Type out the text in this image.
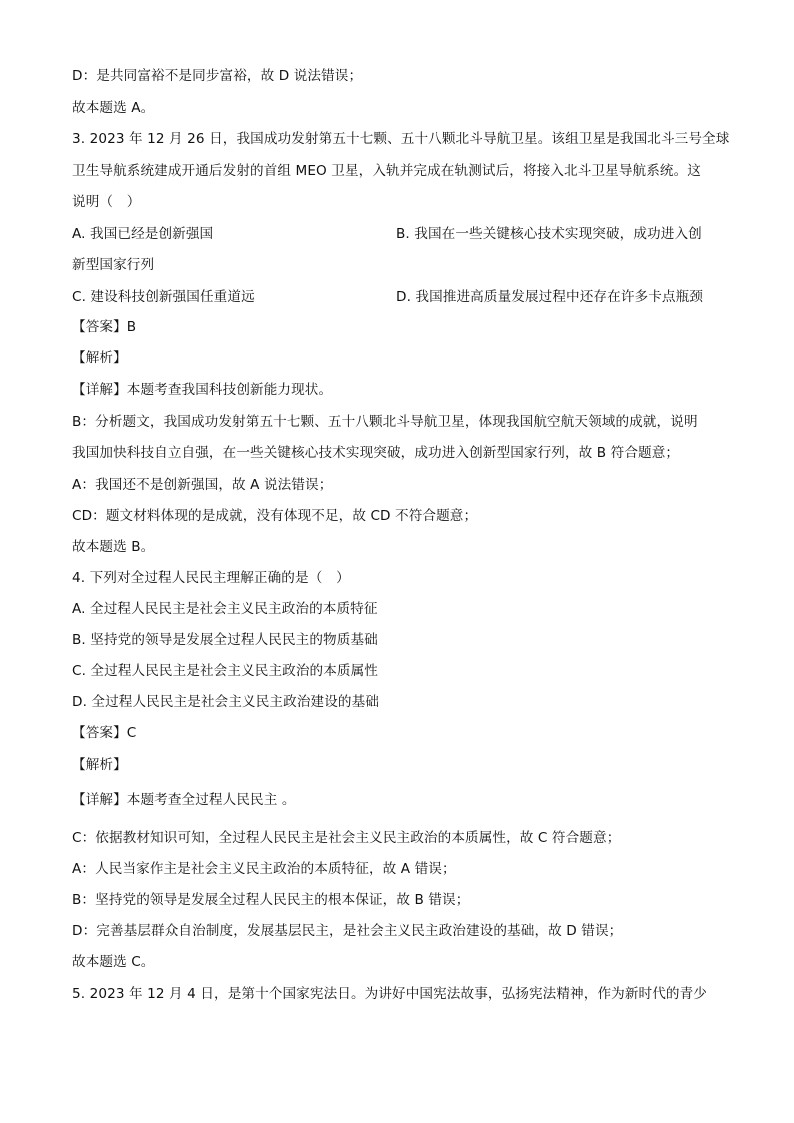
D：是共同富裕不是同步富裕，故 D 说法错误；
故本题选 A。
3. 2023 年 12 月 26 日，我国成功发射第五十七颗、五十八颗北斗导航卫星。该组卫星是我国北斗三号全球
卫生导航系统建成开通后发射的首组 MEO 卫星，入轨并完成在轨测试后，将接入北斗卫星导航系统。这
说明（　）
A. 我国已经是创新强国	B. 我国在一些关键核心技术实现突破，成功进入创
新型国家行列
C. 建设科技创新强国任重道远	D. 我国推进高质量发展过程中还存在许多卡点瓶颈
【答案】B
【解析】
【详解】本题考查我国科技创新能力现状。
B：分析题文，我国成功发射第五十七颗、五十八颗北斗导航卫星，体现我国航空航天领域的成就，说明
我国加快科技自立自强，在一些关键核心技术实现突破，成功进入创新型国家行列，故 B 符合题意；
A：我国还不是创新强国，故 A 说法错误；
CD：题文材料体现的是成就，没有体现不足，故 CD 不符合题意；
故本题选 B。
4. 下列对全过程人民民主理解正确的是（　）
A. 全过程人民民主是社会主义民主政治的本质特征
B. 坚持党的领导是发展全过程人民民主的物质基础
C. 全过程人民民主是社会主义民主政治的本质属性
D. 全过程人民民主是社会主义民主政治建设的基础
【答案】C
【解析】
【详解】本题考查全过程人民民主 。
C：依据教材知识可知，全过程人民民主是社会主义民主政治的本质属性，故 C 符合题意；
A：人民当家作主是社会主义民主政治的本质特征，故 A 错误；
B：坚持党的领导是发展全过程人民民主的根本保证，故 B 错误；
D：完善基层群众自治制度，发展基层民主，是社会主义民主政治建设的基础，故 D 错误；
故本题选 C。
5. 2023 年 12 月 4 日，是第十个国家宪法日。为讲好中国宪法故事，弘扬宪法精神，作为新时代的青少
